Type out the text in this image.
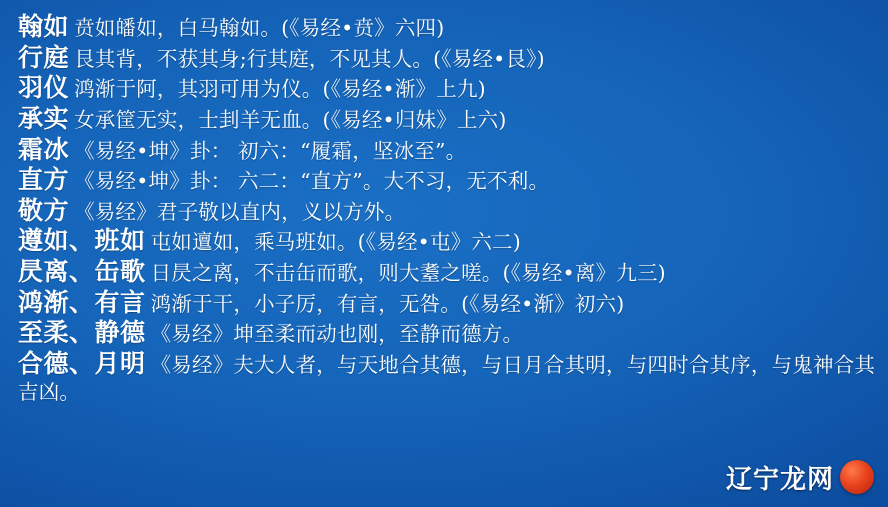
翰如 贲如皤如，白马翰如。(《易经•贲》六四)
行庭 艮其背，不获其身;行其庭，不见其人。(《易经•艮》)
羽仪 鸿渐于阿，其羽可用为仪。(《易经•渐》上九)
承实 女承筐无实，士刲羊无血。(《易经•归妹》上六)
霜冰 《易经•坤》卦： 初六：“履霜，坚冰至”。
直方 《易经•坤》卦： 六二：“直方”。大不习，无不利。
敬方 《易经》君子敬以直内，义以方外。
遵如、班如 屯如邅如，乘马班如。(《易经•屯》六二)
昃离、缶歌 日昃之离，不击缶而歌，则大耋之嗟。(《易经•离》九三)
鸿渐、有言 鸿渐于干，小子厉，有言，无咎。(《易经•渐》初六)
至柔、静德 《易经》坤至柔而动也刚，至静而德方。
合德、月明 《易经》夫大人者，与天地合其德，与日月合其明，与四时合其序，与鬼神合其吉凶。
辽宁 龙网
